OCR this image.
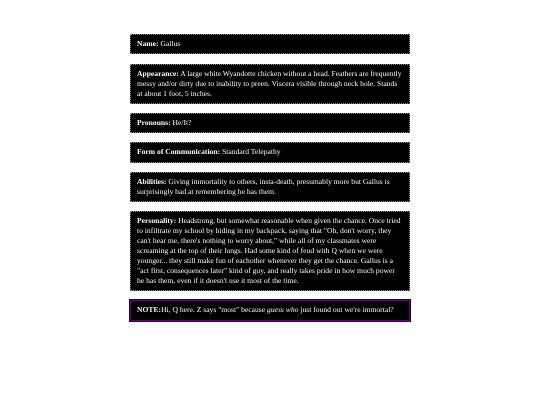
Name: Gallus
Appearance: A large white Wyandotte chicken without a head. Feathers are frequently messy and/or dirty due to inability to preen. Viscera visible through neck hole. Stands at about 1 foot, 5 inches.
Pronouns: He/It?
Form of Communication: Standard Telepathy
Abilities: Giving immortality to others, insta-death, presumably more but Gallus is surprisingly bad at remembering he has them.
Personality: Headstrong, but somewhat reasonable when given the chance. Once tried to infiltrate my school by hiding in my backpack, saying that "Oh, don't worry, they can't hear me, there's nothing to worry about," while all of my classmates were screaming at the top of their lungs. Had some kind of feud with Q when we were younger... they still make fun of eachother whenever they get the chance. Gallus is a "act first, consequences later" kind of guy, and really takes pride in how much power he has them, even if it doesn't use it most of the time.
NOTE:Hi, Q here. Z says "most" because guess who just found out we're immortal?
